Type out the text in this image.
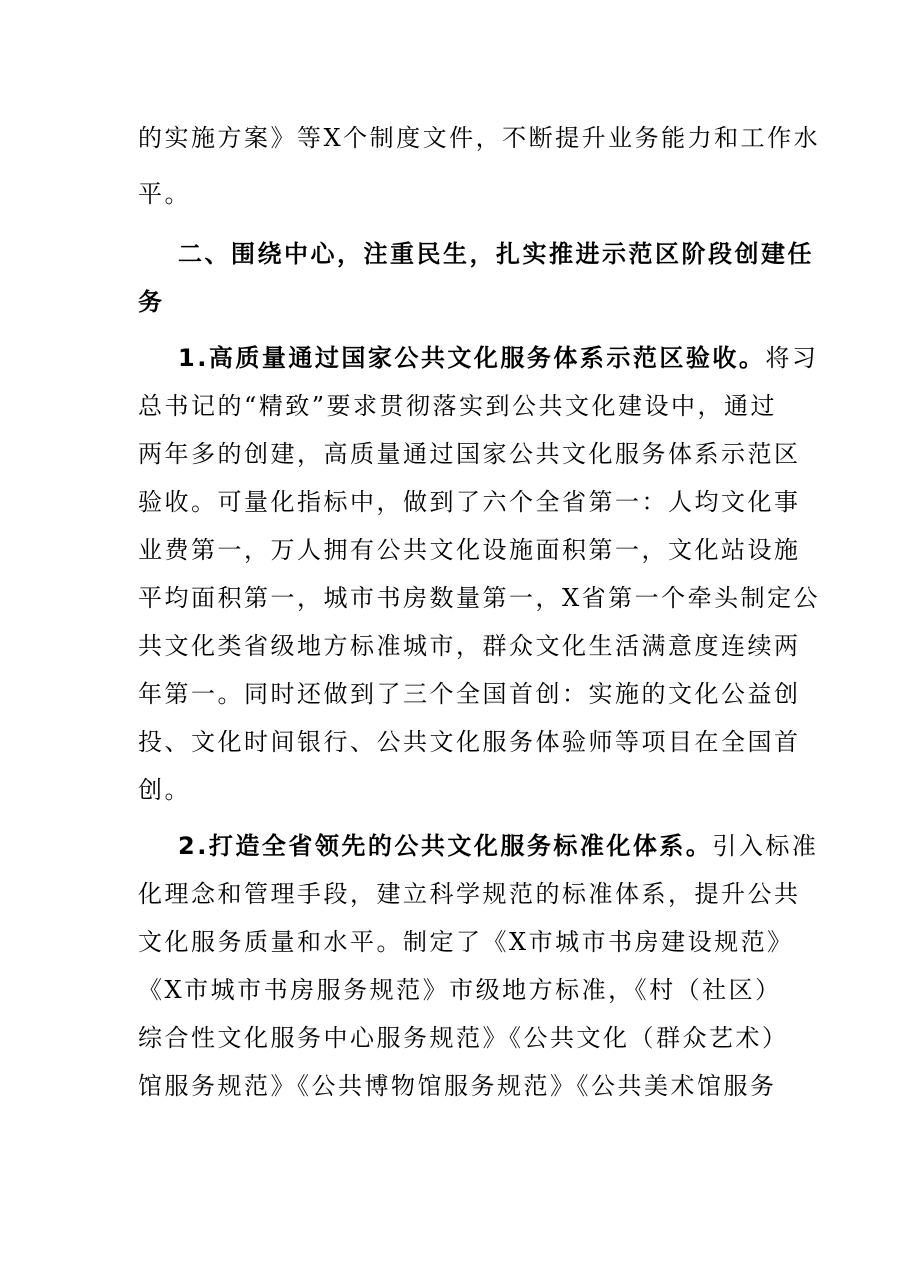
的实施方案》等X个制度文件，不断提升业务能力和工作水
平。
二、围绕中心，注重民生，扎实推进示范区阶段创建任
务
1.高质量通过国家公共文化服务体系示范区验收。将习
总书记的“精致”要求贯彻落实到公共文化建设中，通过
两年多的创建，高质量通过国家公共文化服务体系示范区
验收。可量化指标中，做到了六个全省第一：人均文化事
业费第一，万人拥有公共文化设施面积第一，文化站设施
平均面积第一，城市书房数量第一，X省第一个牵头制定公
共文化类省级地方标准城市，群众文化生活满意度连续两
年第一。同时还做到了三个全国首创：实施的文化公益创
投、文化时间银行、公共文化服务体验师等项目在全国首
创。
2.打造全省领先的公共文化服务标准化体系。引入标准
化理念和管理手段，建立科学规范的标准体系，提升公共
文化服务质量和水平。制定了《X市城市书房建设规范》
《X市城市书房服务规范》市级地方标准，《村（社区）
综合性文化服务中心服务规范》《公共文化（群众艺术）
馆服务规范》《公共博物馆服务规范》《公共美术馆服务
